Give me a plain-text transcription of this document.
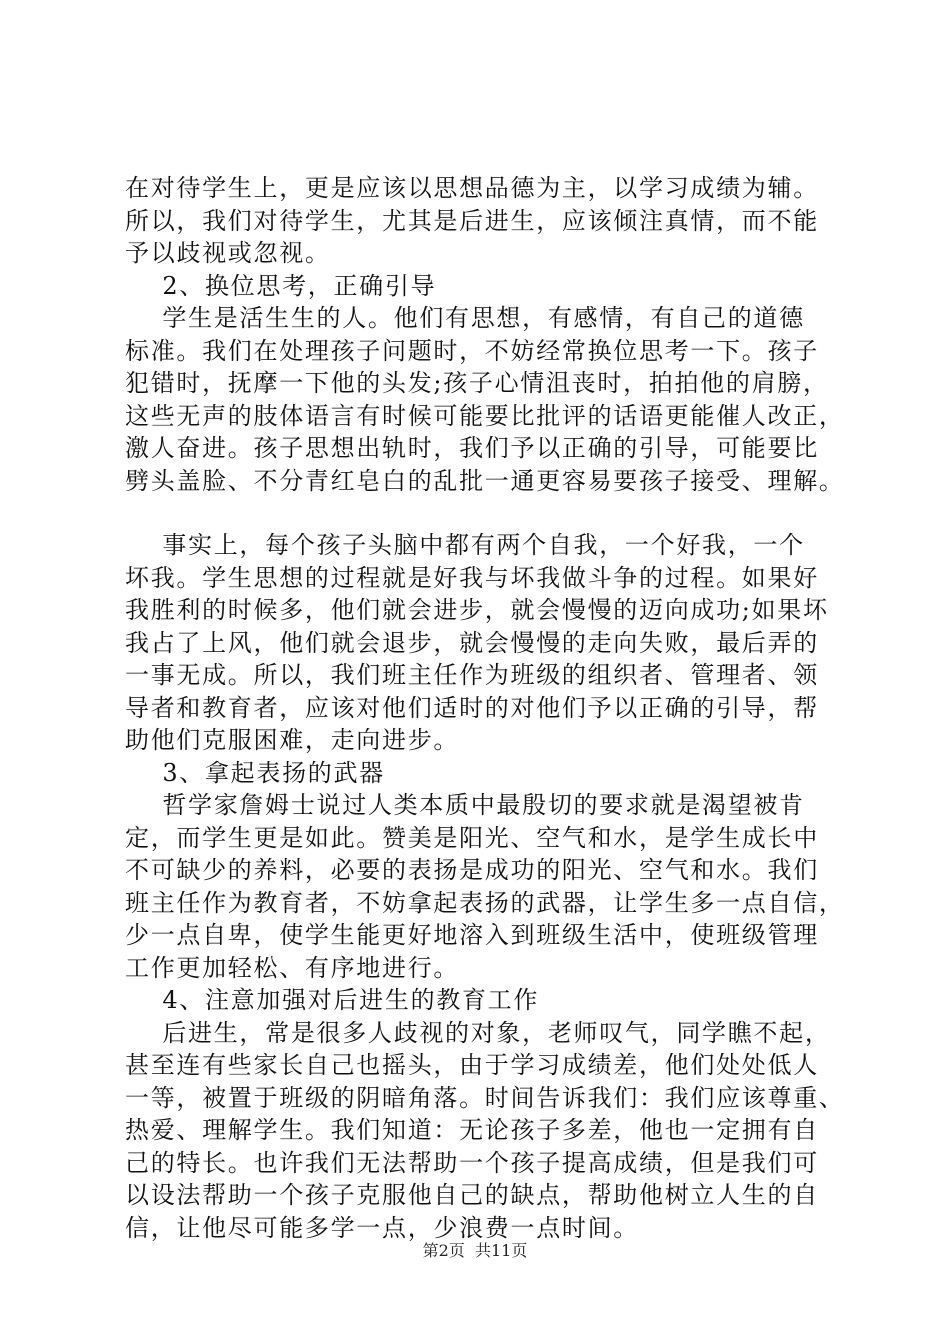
在对待学生上，更是应该以思想品德为主，以学习成绩为辅。
所以，我们对待学生，尤其是后进生，应该倾注真情，而不能
予以歧视或忽视。
2、换位思考，正确引导
学生是活生生的人。他们有思想，有感情，有自己的道德
标准。我们在处理孩子问题时，不妨经常换位思考一下。孩子
犯错时，抚摩一下他的头发;孩子心情沮丧时，拍拍他的肩膀，
这些无声的肢体语言有时候可能要比批评的话语更能催人改正，
激人奋进。孩子思想出轨时，我们予以正确的引导，可能要比
劈头盖脸、不分青红皂白的乱批一通更容易要孩子接受、理解。
事实上，每个孩子头脑中都有两个自我，一个好我，一个
坏我。学生思想的过程就是好我与坏我做斗争的过程。如果好
我胜利的时候多，他们就会进步，就会慢慢的迈向成功;如果坏
我占了上风，他们就会退步，就会慢慢的走向失败，最后弄的
一事无成。所以，我们班主任作为班级的组织者、管理者、领
导者和教育者，应该对他们适时的对他们予以正确的引导，帮
助他们克服困难，走向进步。
3、拿起表扬的武器
哲学家詹姆士说过人类本质中最殷切的要求就是渴望被肯
定，而学生更是如此。赞美是阳光、空气和水，是学生成长中
不可缺少的养料，必要的表扬是成功的阳光、空气和水。我们
班主任作为教育者，不妨拿起表扬的武器，让学生多一点自信，
少一点自卑，使学生能更好地溶入到班级生活中，使班级管理
工作更加轻松、有序地进行。
4、注意加强对后进生的教育工作
后进生，常是很多人歧视的对象，老师叹气，同学瞧不起，
甚至连有些家长自己也摇头，由于学习成绩差，他们处处低人
一等，被置于班级的阴暗角落。时间告诉我们：我们应该尊重、
热爱、理解学生。我们知道：无论孩子多差，他也一定拥有自
己的特长。也许我们无法帮助一个孩子提高成绩，但是我们可
以设法帮助一个孩子克服他自己的缺点，帮助他树立人生的自
信，让他尽可能多学一点，少浪费一点时间。
第2页  共11页
